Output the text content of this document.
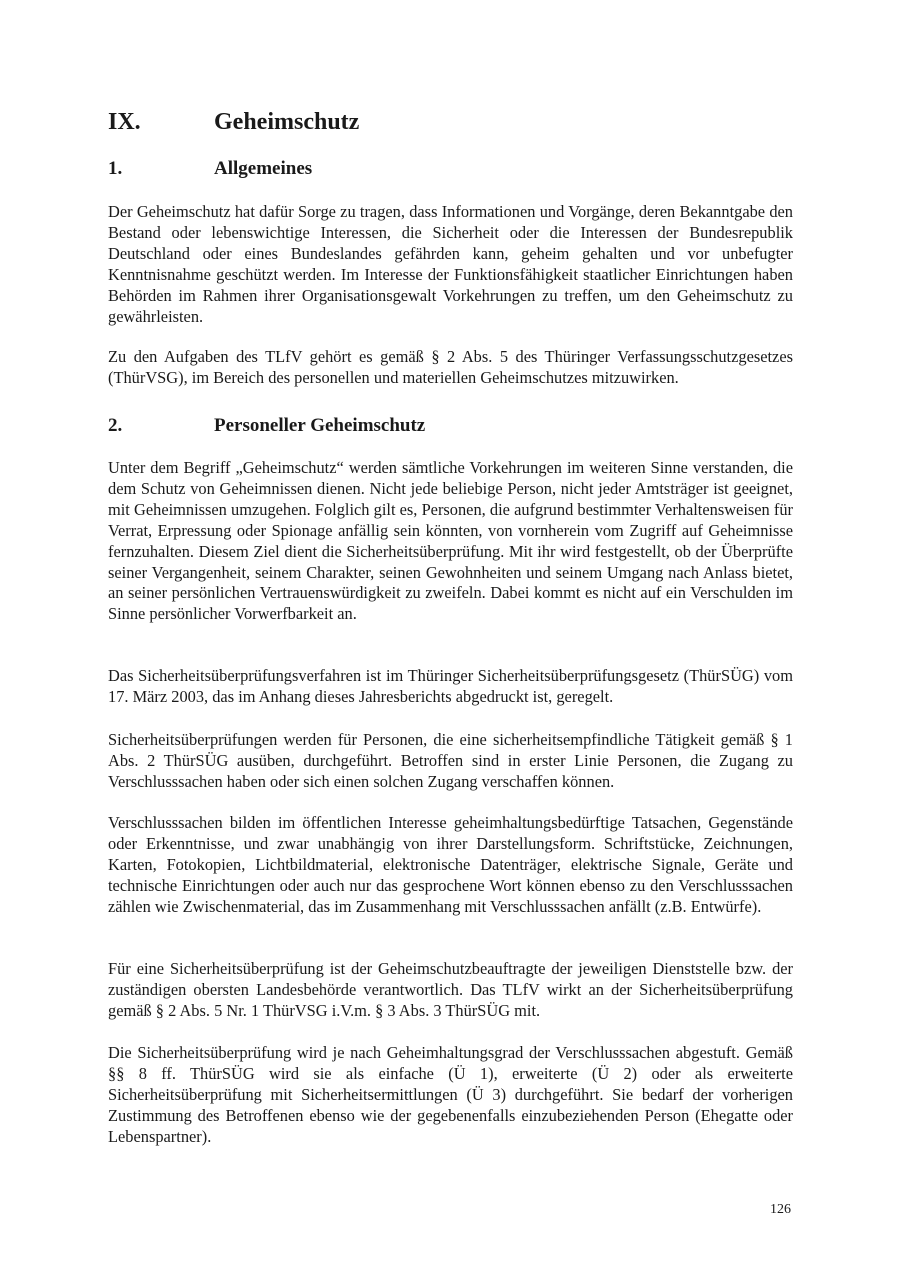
IX.	Geheimschutz
1.	Allgemeines

Der Geheimschutz hat dafür Sorge zu tragen, dass Informationen und Vorgänge, deren Bekanntgabe den Bestand oder lebenswichtige Interessen, die Sicherheit oder die Interessen der Bundesrepublik Deutschland oder eines Bundeslandes gefährden kann, geheim gehalten und vor unbefugter Kenntnisnahme geschützt werden. Im Interesse der Funktionsfähigkeit staatlicher Einrichtungen haben Behörden im Rahmen ihrer Organisationsgewalt Vorkehrungen zu treffen, um den Geheimschutz zu gewährleisten.

Zu den Aufgaben des TLfV gehört es gemäß § 2 Abs. 5 des Thüringer Verfassungsschutzgesetzes (ThürVSG), im Bereich des personellen und materiellen Geheimschutzes mitzuwirken.

2.	Personeller Geheimschutz

Unter dem Begriff „Geheimschutz“ werden sämtliche Vorkehrungen im weiteren Sinne verstanden, die dem Schutz von Geheimnissen dienen. Nicht jede beliebige Person, nicht jeder Amtsträger ist geeignet, mit Geheimnissen umzugehen. Folglich gilt es, Personen, die aufgrund bestimmter Verhaltensweisen für Verrat, Erpressung oder Spionage anfällig sein könnten, von vornherein vom Zugriff auf Geheimnisse fernzuhalten. Diesem Ziel dient die Sicherheitsüberprüfung. Mit ihr wird festgestellt, ob der Überprüfte seiner Vergangenheit, seinem Charakter, seinen Gewohnheiten und seinem Umgang nach Anlass bietet, an seiner persönlichen Vertrauenswürdigkeit zu zweifeln. Dabei kommt es nicht auf ein Verschulden im Sinne persönlicher Vorwerfbarkeit an.

Das Sicherheitsüberprüfungsverfahren ist im Thüringer Sicherheitsüberprüfungsgesetz (ThürSÜG) vom 17. März 2003, das im Anhang dieses Jahresberichts abgedruckt ist, geregelt.

Sicherheitsüberprüfungen werden für Personen, die eine sicherheitsempfindliche Tätigkeit gemäß § 1 Abs. 2 ThürSÜG ausüben, durchgeführt. Betroffen sind in erster Linie Personen, die Zugang zu Verschlusssachen haben oder sich einen solchen Zugang verschaffen können.

Verschlusssachen bilden im öffentlichen Interesse geheimhaltungsbedürftige Tatsachen, Gegenstände oder Erkenntnisse, und zwar unabhängig von ihrer Darstellungsform. Schriftstücke, Zeichnungen, Karten, Fotokopien, Lichtbildmaterial, elektronische Datenträger, elektrische Signale, Geräte und technische Einrichtungen oder auch nur das gesprochene Wort können ebenso zu den Verschlusssachen zählen wie Zwischenmaterial, das im Zusammenhang mit Verschlusssachen anfällt (z.B. Entwürfe).

Für eine Sicherheitsüberprüfung ist der Geheimschutzbeauftragte der jeweiligen Dienststelle bzw. der zuständigen obersten Landesbehörde verantwortlich. Das TLfV wirkt an der Sicherheitsüberprüfung gemäß § 2 Abs. 5 Nr. 1 ThürVSG i.V.m. § 3 Abs. 3 ThürSÜG mit.

Die Sicherheitsüberprüfung wird je nach Geheimhaltungsgrad der Verschlusssachen abgestuft. Gemäß §§ 8 ff. ThürSÜG wird sie als einfache (Ü 1), erweiterte (Ü 2) oder als erweiterte Sicherheitsüberprüfung mit Sicherheitsermittlungen (Ü 3) durchgeführt. Sie bedarf der vorherigen Zustimmung des Betroffenen ebenso wie der gegebenenfalls einzubeziehenden Person (Ehegatte oder Lebenspartner).

126
